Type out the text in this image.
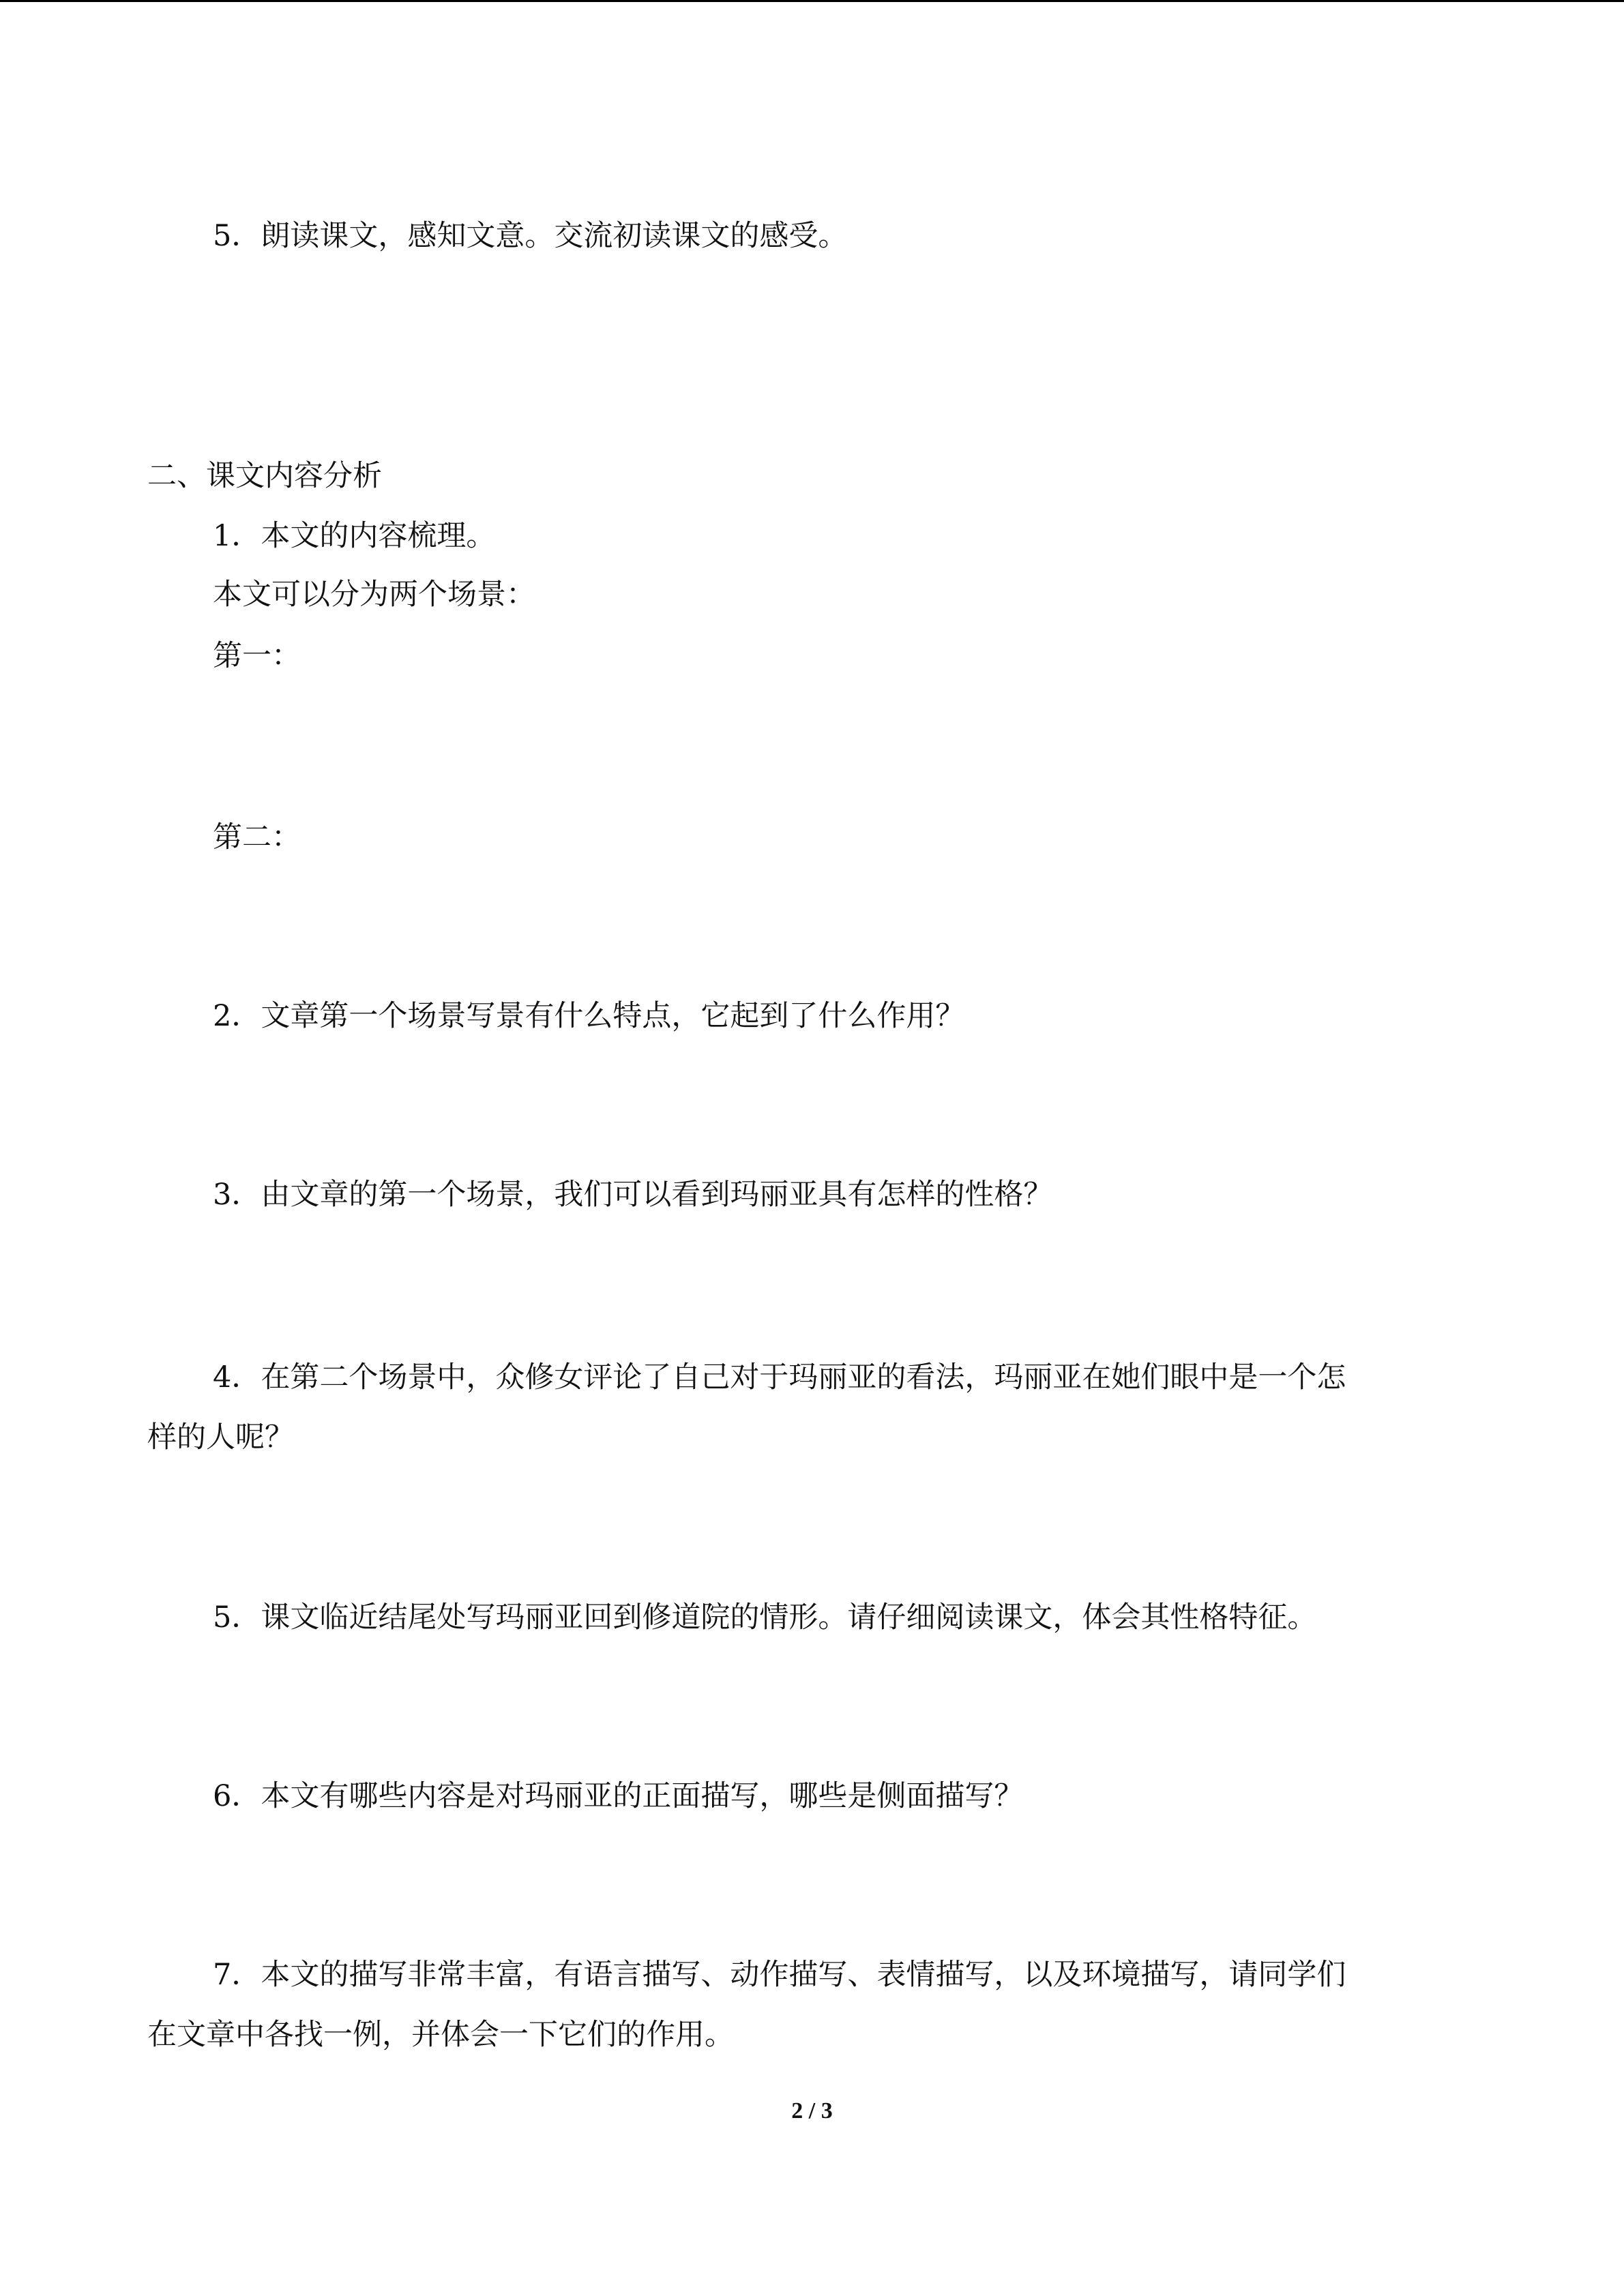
5．朗读课文，感知文意。交流初读课文的感受。
二、课文内容分析
1．本文的内容梳理。
本文可以分为两个场景：
第一：
第二：
2．文章第一个场景写景有什么特点，它起到了什么作用？
3．由文章的第一个场景，我们可以看到玛丽亚具有怎样的性格？
4．在第二个场景中，众修女评论了自己对于玛丽亚的看法，玛丽亚在她们眼中是一个怎
样的人呢？
5．课文临近结尾处写玛丽亚回到修道院的情形。请仔细阅读课文，体会其性格特征。
6．本文有哪些内容是对玛丽亚的正面描写，哪些是侧面描写？
7．本文的描写非常丰富，有语言描写、动作描写、表情描写，以及环境描写，请同学们
在文章中各找一例，并体会一下它们的作用。
2 / 3
